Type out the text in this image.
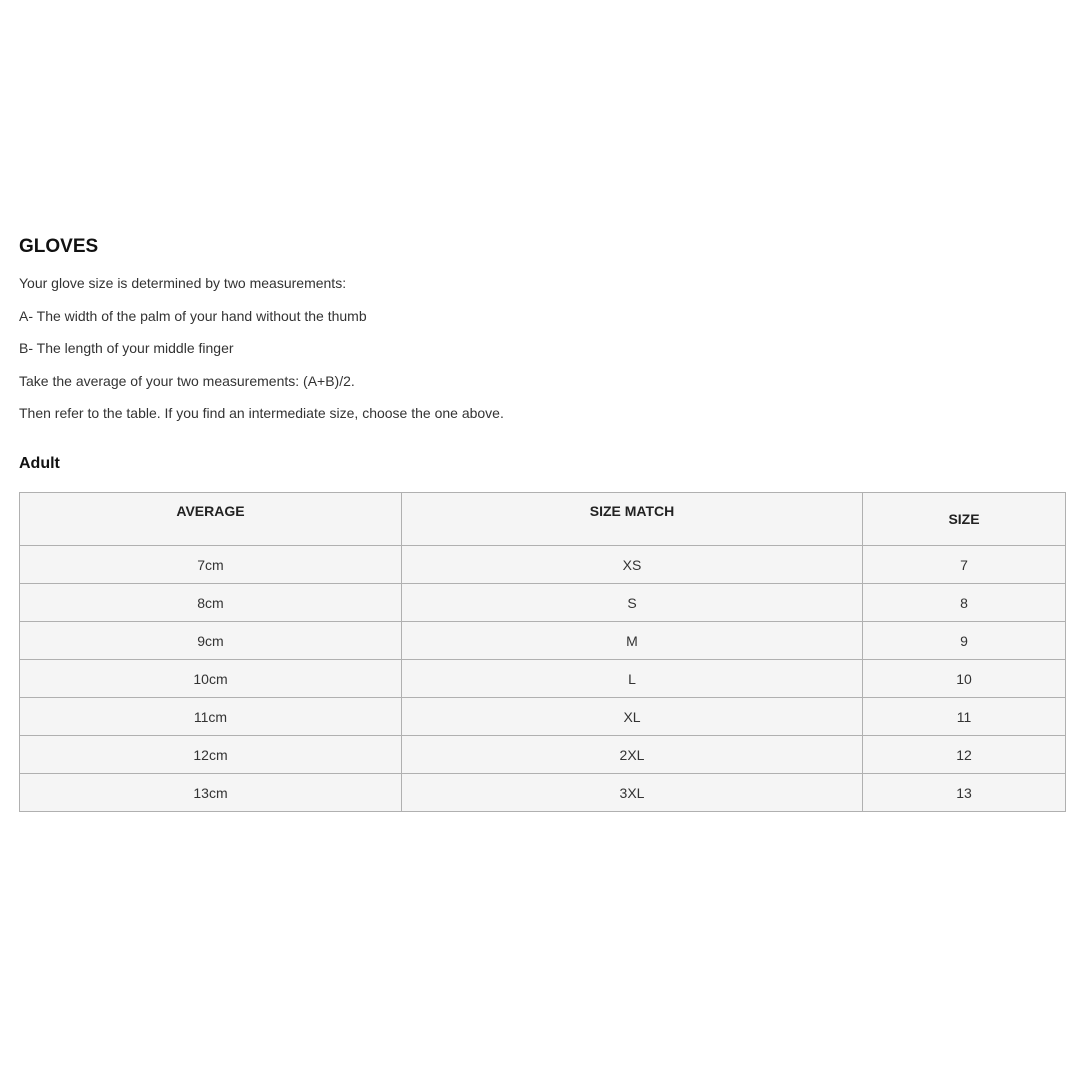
GLOVES

Your glove size is determined by two measurements:

A- The width of the palm of your hand without the thumb

B- The length of your middle finger

Take the average of your two measurements: (A+B)/2.

Then refer to the table. If you find an intermediate size, choose the one above.

Adult
AVERAGE	SIZE MATCH	SIZE
7cm	XS	7
8cm	S	8
9cm	M	9
10cm	L	10
11cm	XL	11
12cm	2XL	12
13cm	3XL	13
